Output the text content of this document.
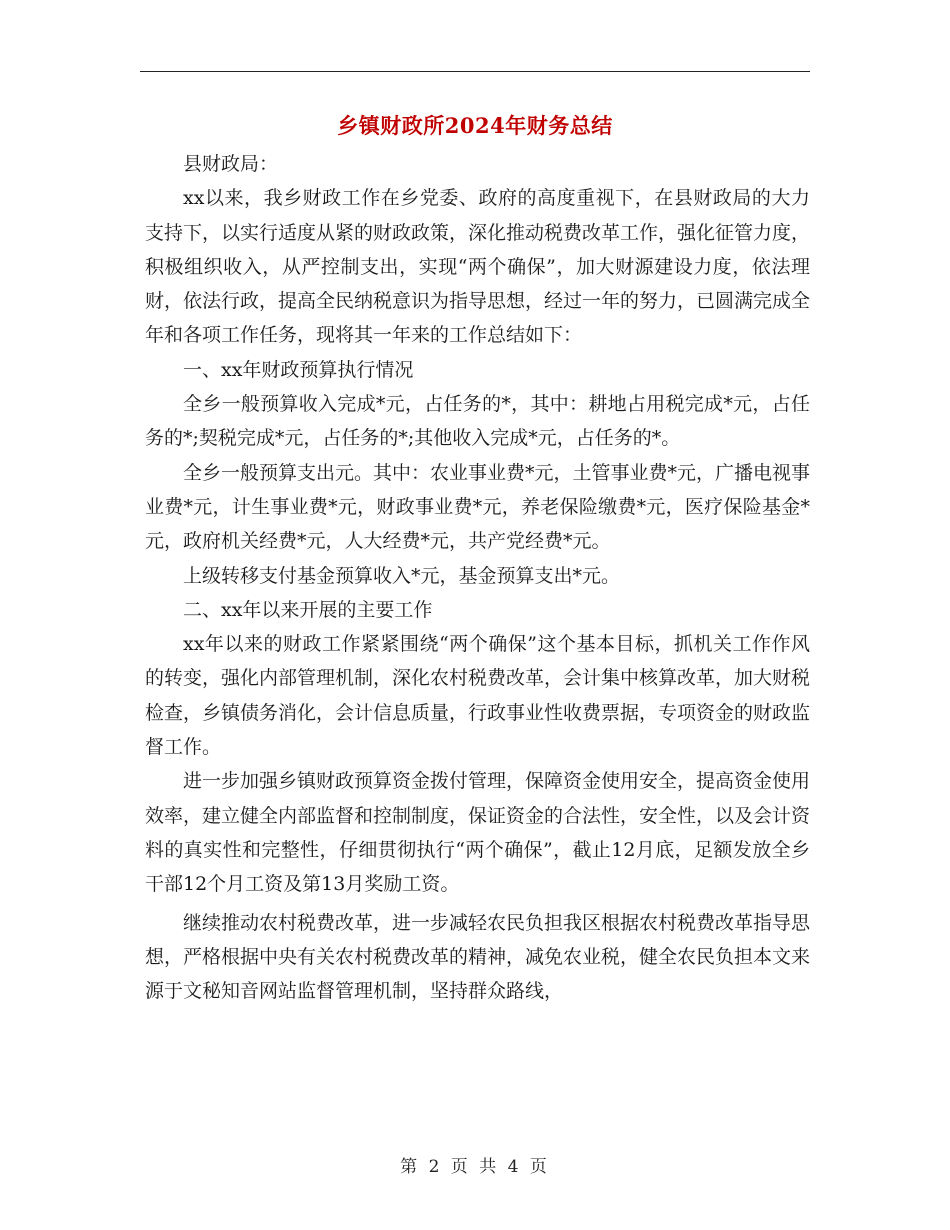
乡镇财政所2024年财务总结

县财政局：

xx以来，我乡财政工作在乡党委、政府的高度重视下，在县财政局的大力支持下，以实行适度从紧的财政政策，深化推动税费改革工作，强化征管力度，积极组织收入，从严控制支出，实现“两个确保”，加大财源建设力度，依法理财，依法行政，提高全民纳税意识为指导思想，经过一年的努力，已圆满完成全年和各项工作任务，现将其一年来的工作总结如下：

一、xx年财政预算执行情况

全乡一般预算收入完成*元，占任务的*，其中：耕地占用税完成*元，占任务的*;契税完成*元，占任务的*;其他收入完成*元，占任务的*。

全乡一般预算支出元。其中：农业事业费*元，土管事业费*元，广播电视事业费*元，计生事业费*元，财政事业费*元，养老保险缴费*元，医疗保险基金*元，政府机关经费*元，人大经费*元，共产党经费*元。

上级转移支付基金预算收入*元，基金预算支出*元。

二、xx年以来开展的主要工作

xx年以来的财政工作紧紧围绕“两个确保”这个基本目标，抓机关工作作风的转变，强化内部管理机制，深化农村税费改革，会计集中核算改革，加大财税检查，乡镇债务消化，会计信息质量，行政事业性收费票据，专项资金的财政监督工作。

进一步加强乡镇财政预算资金拨付管理，保障资金使用安全，提高资金使用效率，建立健全内部监督和控制制度，保证资金的合法性，安全性，以及会计资料的真实性和完整性，仔细贯彻执行“两个确保”，截止12月底，足额发放全乡干部12个月工资及第13月奖励工资。

继续推动农村税费改革，进一步减轻农民负担我区根据农村税费改革指导思想，严格根据中央有关农村税费改革的精神，减免农业税，健全农民负担本文来源于文秘知音网站监督管理机制，坚持群众路线，

第 2 页 共 4 页
